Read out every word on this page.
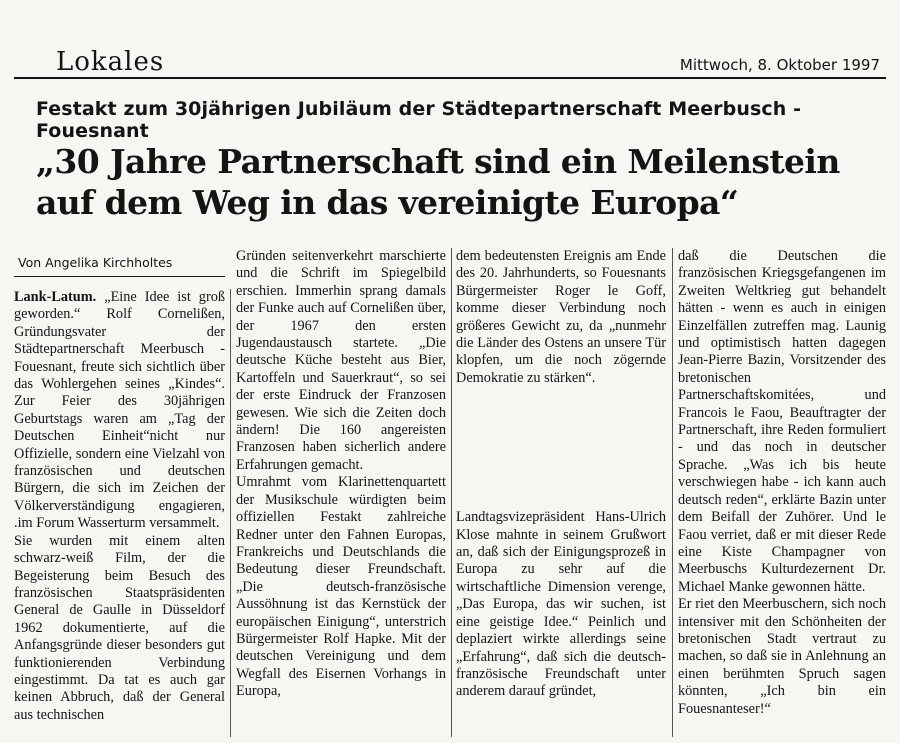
Lokales	Mittwoch, 8. Oktober 1997
Festakt zum 30jährigen Jubiläum der Städtepartnerschaft Meerbusch - Fouesnant
„30 Jahre Partnerschaft sind ein Meilenstein
auf dem Weg in das vereinigte Europa“
Von Angelika Kirchholtes

Lank-Latum. „Eine Idee ist groß geworden.“ Rolf Cornelißen, Gründungsvater der Städtepartnerschaft Meerbusch - Fouesnant, freute sich sichtlich über das Wohlergehen seines „Kindes“. Zur Feier des 30jährigen Geburtstags waren am „Tag der Deutschen Einheit“nicht nur Offizielle, sondern eine Vielzahl von französischen und deutschen Bürgern, die sich im Zeichen der Völkerverständigung engagieren, .im Forum Wasserturm versammelt.

Sie wurden mit einem alten schwarz-weiß Film, der die Begeisterung beim Besuch des französischen Staatspräsidenten General de Gaulle in Düsseldorf 1962 dokumentierte, auf die Anfangsgründe dieser besonders gut funktionierenden Verbindung eingestimmt. Da tat es auch gar keinen Abbruch, daß der General aus technischen

Gründen seitenverkehrt marschierte und die Schrift im Spiegelbild erschien. Immerhin sprang damals der Funke auch auf Cornelißen über, der 1967 den ersten Jugendaustausch startete. „Die deutsche Küche besteht aus Bier, Kartoffeln und Sauerkraut“, so sei der erste Eindruck der Franzosen gewesen. Wie sich die Zeiten doch ändern! Die 160 angereisten Franzosen haben sicherlich andere Erfahrungen gemacht.

Umrahmt vom Klarinettenquartett der Musikschule würdigten beim offiziellen Festakt zahlreiche Redner unter den Fahnen Europas, Frankreichs und Deutschlands die Bedeutung dieser Freundschaft. „Die deutsch-französische Aussöhnung ist das Kernstück der europäischen Einigung“, unterstrich Bürgermeister Rolf Hapke. Mit der deutschen Vereinigung und dem Wegfall des Eisernen Vorhangs in Europa,

dem bedeutensten Ereignis am Ende des 20. Jahrhunderts, so Fouesnants Bürgermeister Roger le Goff, komme dieser Verbindung noch größeres Gewicht zu, da „nunmehr die Länder des Ostens an unsere Tür klopfen, um die noch zögernde Demokratie zu stärken“.

Landtagsvizepräsident Hans-Ulrich Klose mahnte in seinem Grußwort an, daß sich der Einigungsprozeß in Europa zu sehr auf die wirtschaftliche Dimension verenge, „Das Europa, das wir suchen, ist eine geistige Idee.“ Peinlich und deplaziert wirkte allerdings seine „Erfahrung“, daß sich die deutsch-französische Freundschaft unter anderem darauf gründet,

daß die Deutschen die französischen Kriegsgefangenen im Zweiten Weltkrieg gut behandelt hätten - wenn es auch in einigen Einzelfällen zutreffen mag. Launig und optimistisch hatten dagegen Jean-Pierre Bazin, Vorsitzender des bretonischen Partnerschaftskomitées, und Francois le Faou, Beauftragter der Partnerschaft, ihre Reden formuliert - und das noch in deutscher Sprache. „Was ich bis heute verschwiegen habe - ich kann auch deutsch reden“, erklärte Bazin unter dem Beifall der Zuhörer. Und le Faou verriet, daß er mit dieser Rede eine Kiste Champagner von Meerbuschs Kulturdezernent Dr. Michael Manke gewonnen hätte.

Er riet den Meerbuschern, sich noch intensiver mit den Schönheiten der bretonischen Stadt vertraut zu machen, so daß sie in Anlehnung an einen berühmten Spruch sagen könnten, „Ich bin ein Fouesnanteser!“
